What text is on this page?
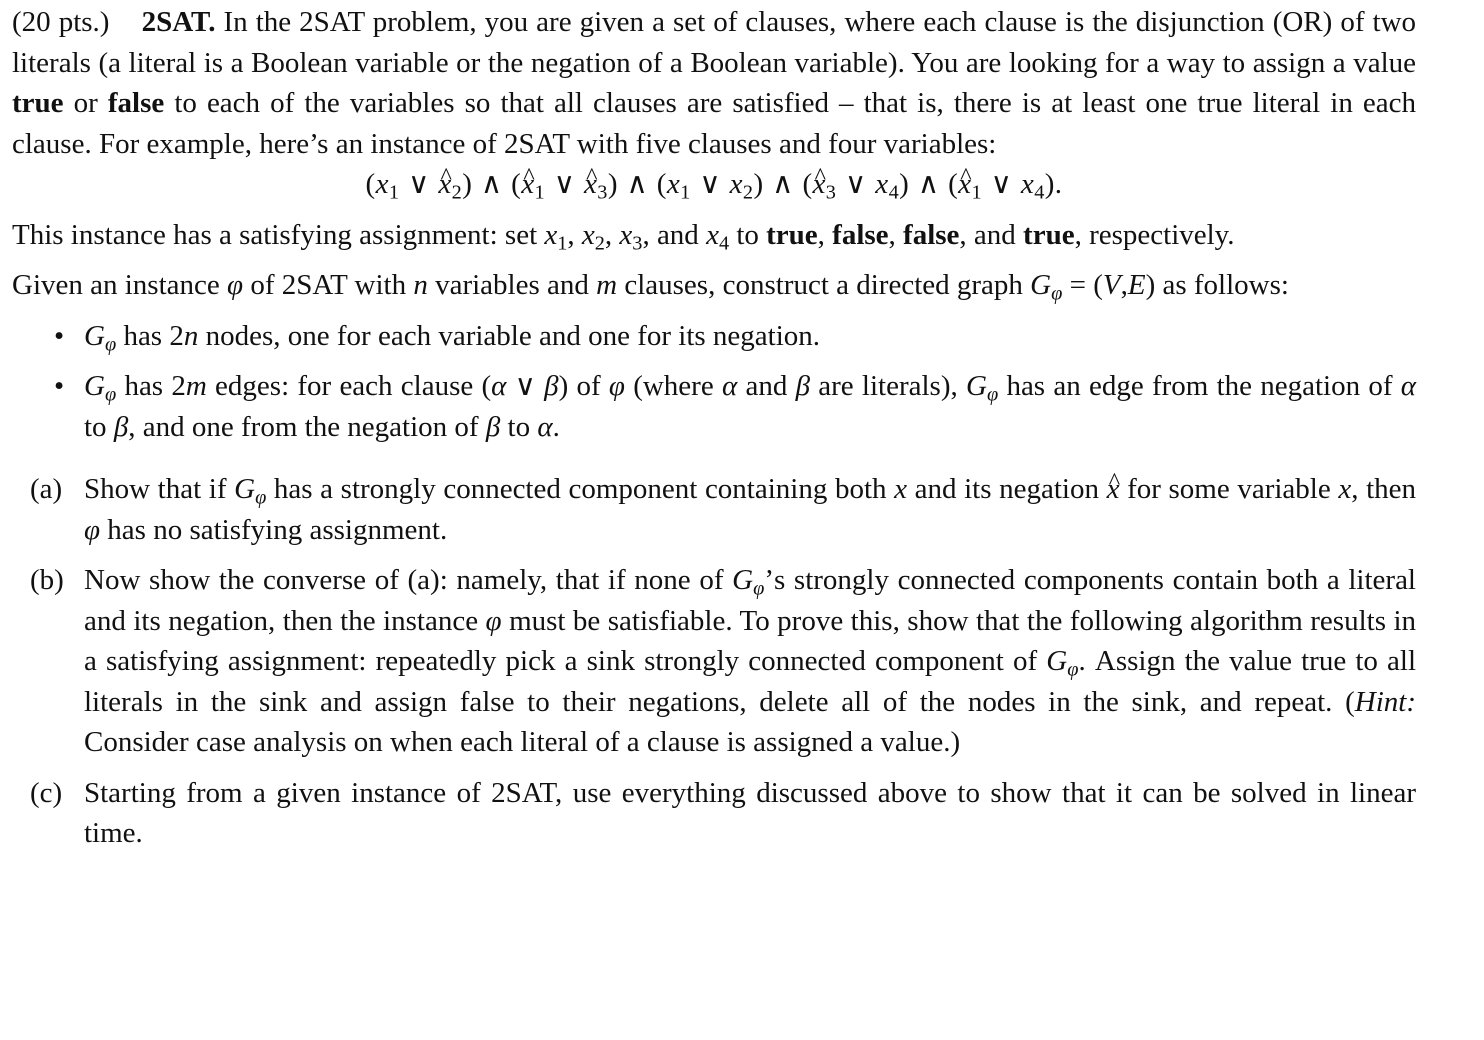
(20 pts.) 2SAT. In the 2SAT problem, you are given a set of clauses, where each clause is the disjunction (OR) of two literals (a literal is a Boolean variable or the negation of a Boolean variable). You are looking for a way to assign a value true or false to each of the variables so that all clauses are satisfied – that is, there is at least one true literal in each clause. For example, here’s an instance of 2SAT with five clauses and four variables:

($x_1$ ∨ ^ $x_2$) ∧ (^ $x_1$ ∨ ^ $x_3$) ∧ ($x_1$ ∨ $x_2$) ∧ (^ $x_3$ ∨ $x_4$) ∧ (^ $x_1$ ∨ $x_4$).

This instance has a satisfying assignment: set $x_1$, $x_2$, $x_3$, and $x_4$ to true, false, false, and true, respectively.

Given an instance φ of 2SAT with n variables and m clauses, construct a directed graph $G_\varphi = (V,E)$ as follows:

• $G_\varphi$ has 2n nodes, one for each variable and one for its negation.
• $G_\varphi$ has 2m edges: for each clause (α ∨ β) of φ (where α and β are literals), $G_\varphi$ has an edge from the negation of α to β, and one from the negation of β to α.
(a) Show that if $G_\varphi$ has a strongly connected component containing both x and its negation ^ x for some variable x, then φ has no satisfying assignment.
(b) Now show the converse of (a): namely, that if none of $G_\varphi’s$ strongly connected components contain both a literal and its negation, then the instance φ must be satisfiable. To prove this, show that the following algorithm results in a satisfying assignment: repeatedly pick a sink strongly connected component of $G_\varphi$. Assign the value true to all literals in the sink and assign false to their negations, delete all of the nodes in the sink, and repeat. (Hint: Consider case analysis on when each literal of a clause is assigned a value.)
(c) Starting from a given instance of 2SAT, use everything discussed above to show that it can be solved in linear time.
